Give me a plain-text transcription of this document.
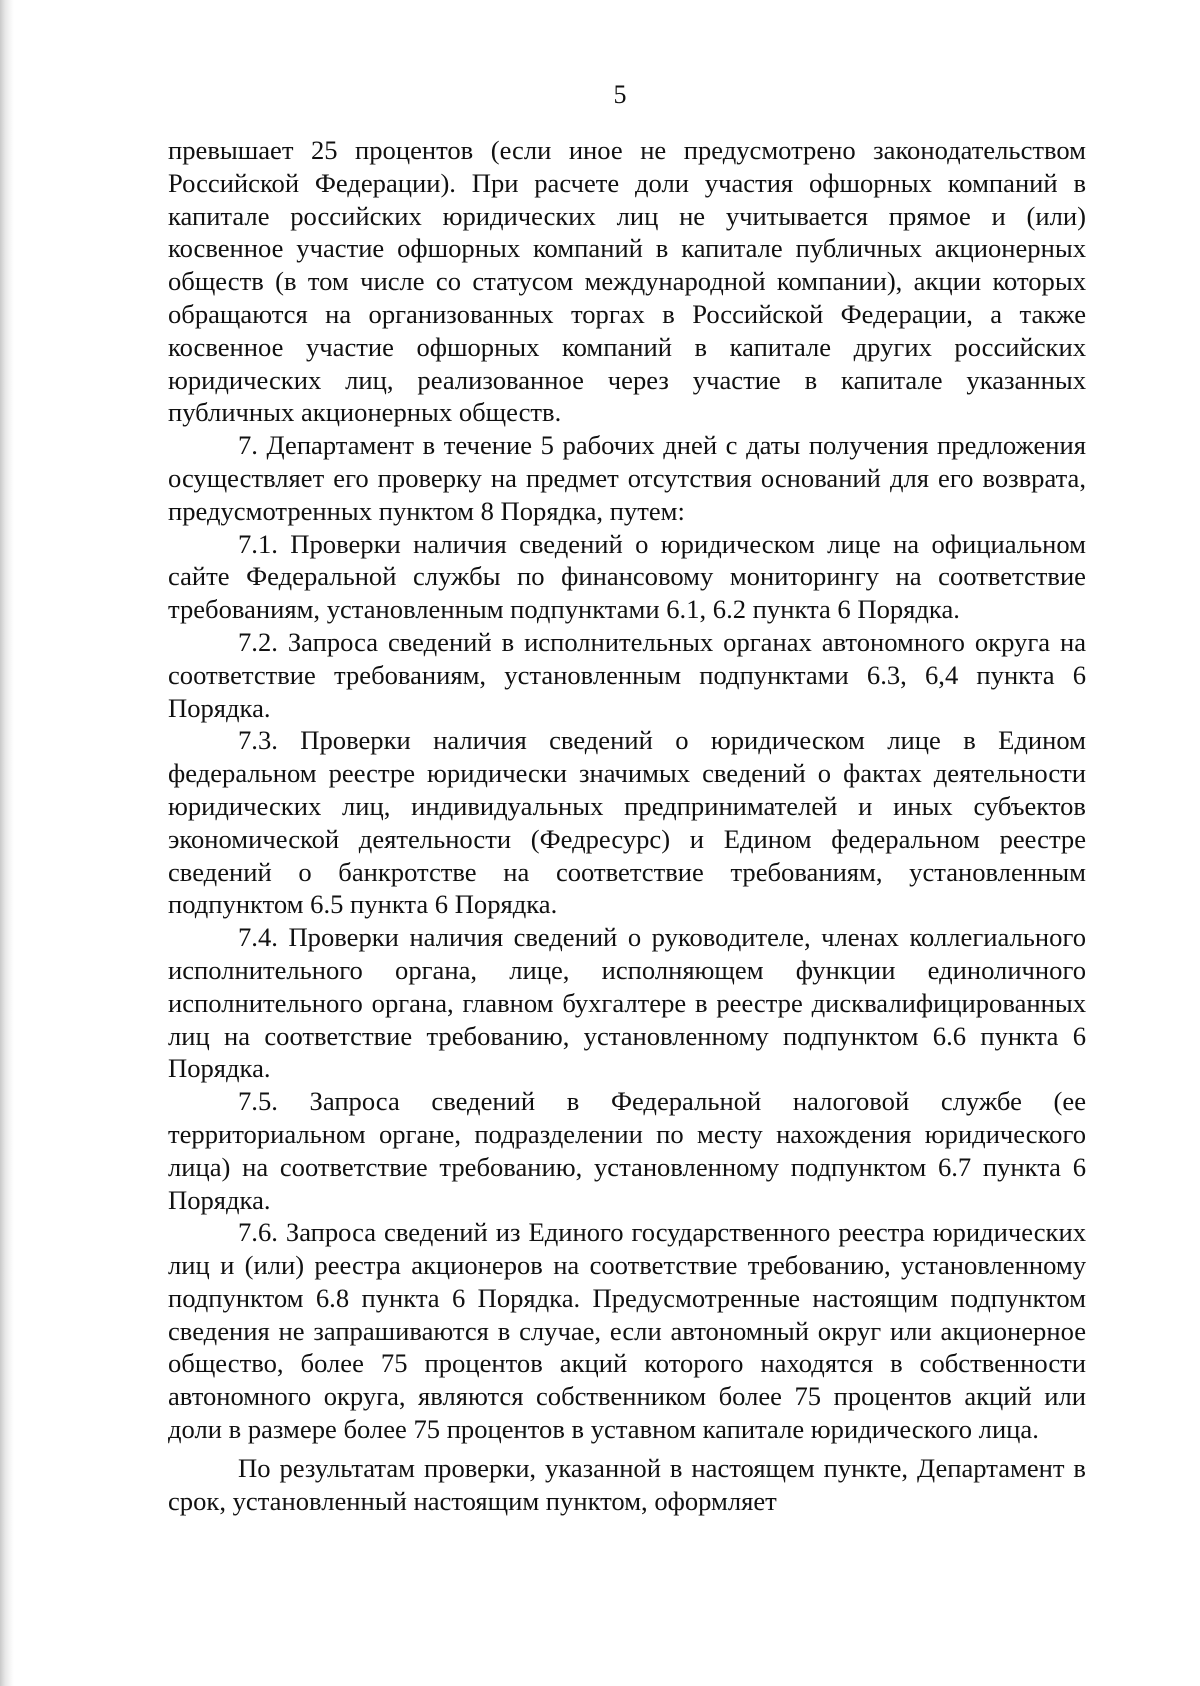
5

превышает 25 процентов (если иное не предусмотрено законодательством Российской Федерации). При расчете доли участия офшорных компаний в капитале российских юридических лиц не учитывается прямое и (или) косвенное участие офшорных компаний в капитале публичных акционерных обществ (в том числе со статусом международной компании), акции которых обращаются на организованных торгах в Российской Федерации, а также косвенное участие офшорных компаний в капитале других российских юридических лиц, реализованное через участие в капитале указанных публичных акционерных обществ.

7. Департамент в течение 5 рабочих дней с даты получения предложения осуществляет его проверку на предмет отсутствия оснований для его возврата, предусмотренных пунктом 8 Порядка, путем:

7.1. Проверки наличия сведений о юридическом лице на официальном сайте Федеральной службы по финансовому мониторингу на соответствие требованиям, установленным подпунктами 6.1, 6.2 пункта 6 Порядка.

7.2. Запроса сведений в исполнительных органах автономного округа на соответствие требованиям, установленным подпунктами 6.3, 6,4 пункта 6 Порядка.

7.3. Проверки наличия сведений о юридическом лице в Едином федеральном реестре юридически значимых сведений о фактах деятельности юридических лиц, индивидуальных предпринимателей и иных субъектов экономической деятельности (Федресурс) и Едином федеральном реестре сведений о банкротстве на соответствие требованиям, установленным подпунктом 6.5 пункта 6 Порядка.

7.4. Проверки наличия сведений о руководителе, членах коллегиального исполнительного органа, лице, исполняющем функции единоличного исполнительного органа, главном бухгалтере в реестре дисквалифицированных лиц на соответствие требованию, установленному подпунктом 6.6 пункта 6 Порядка.

7.5. Запроса сведений в Федеральной налоговой службе (ее территориальном органе, подразделении по месту нахождения юридического лица) на соответствие требованию, установленному подпунктом 6.7 пункта 6 Порядка.

7.6. Запроса сведений из Единого государственного реестра юридических лиц и (или) реестра акционеров на соответствие требованию, установленному подпунктом 6.8 пункта 6 Порядка. Предусмотренные настоящим подпунктом сведения не запрашиваются в случае, если автономный округ или акционерное общество, более 75 процентов акций которого находятся в собственности автономного округа, являются собственником более 75 процентов акций или доли в размере более 75 процентов в уставном капитале юридического лица.

По результатам проверки, указанной в настоящем пункте, Департамент в срок, установленный настоящим пунктом, оформляет
